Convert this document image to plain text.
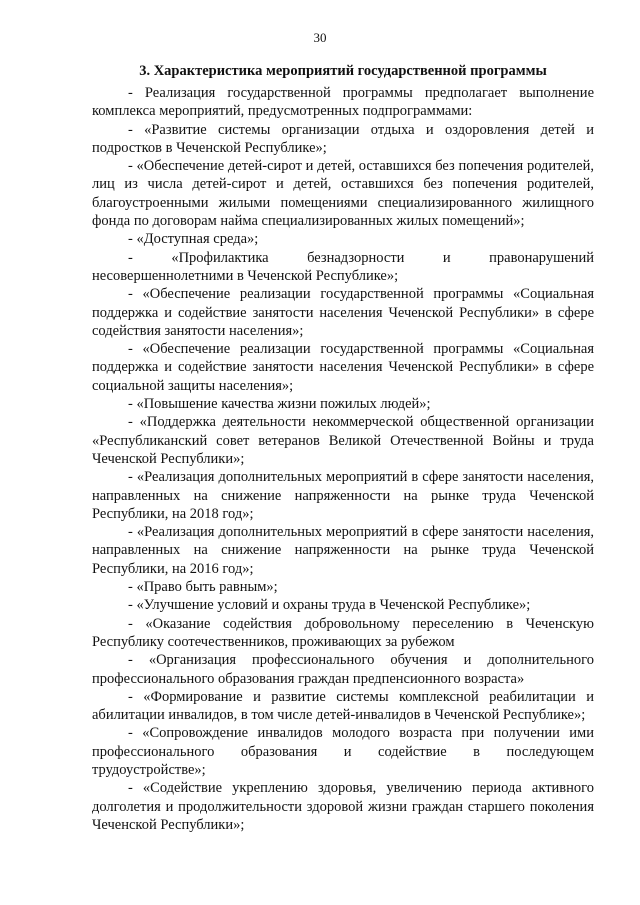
30
3. Характеристика мероприятий государственной программы

- Реализация государственной программы предполагает выполнение комплекса мероприятий, предусмотренных подпрограммами:

- «Развитие системы организации отдыха и оздоровления детей и подростков в Чеченской Республике»;

- «Обеспечение детей-сирот и детей, оставшихся без попечения родителей, лиц из числа детей-сирот и детей, оставшихся без попечения родителей, благоустроенными жилыми помещениями специализированного жилищного фонда по договорам найма специализированных жилых помещений»;

- «Доступная среда»;

- «Профилактика безнадзорности и правонарушений несовершеннолетними в Чеченской Республике»;

- «Обеспечение реализации государственной программы «Социальная поддержка и содействие занятости населения Чеченской Республики» в сфере содействия занятости населения»;

- «Обеспечение реализации государственной программы «Социальная поддержка и содействие занятости населения Чеченской Республики» в сфере социальной защиты населения»;

- «Повышение качества жизни пожилых людей»;

- «Поддержка деятельности некоммерческой общественной организации «Республиканский совет ветеранов Великой Отечественной Войны и труда Чеченской Республики»;

- «Реализация дополнительных мероприятий в сфере занятости населения, направленных на снижение напряженности на рынке труда Чеченской Республики, на 2018 год»;

- «Реализация дополнительных мероприятий в сфере занятости населения, направленных на снижение напряженности на рынке труда Чеченской Республики, на 2016 год»;

- «Право быть равным»;

- «Улучшение условий и охраны труда в Чеченской Республике»;

- «Оказание содействия добровольному переселению в Чеченскую Республику соотечественников, проживающих за рубежом

- «Организация профессионального обучения и дополнительного профессионального образования граждан предпенсионного возраста»

- «Формирование и развитие системы комплексной реабилитации и абилитации инвалидов, в том числе детей-инвалидов в Чеченской Республике»;

- «Сопровождение инвалидов молодого возраста при получении ими профессионального образования и содействие в последующем трудоустройстве»;

- «Содействие укреплению здоровья, увеличению периода активного долголетия и продолжительности здоровой жизни граждан старшего поколения Чеченской Республики»;
